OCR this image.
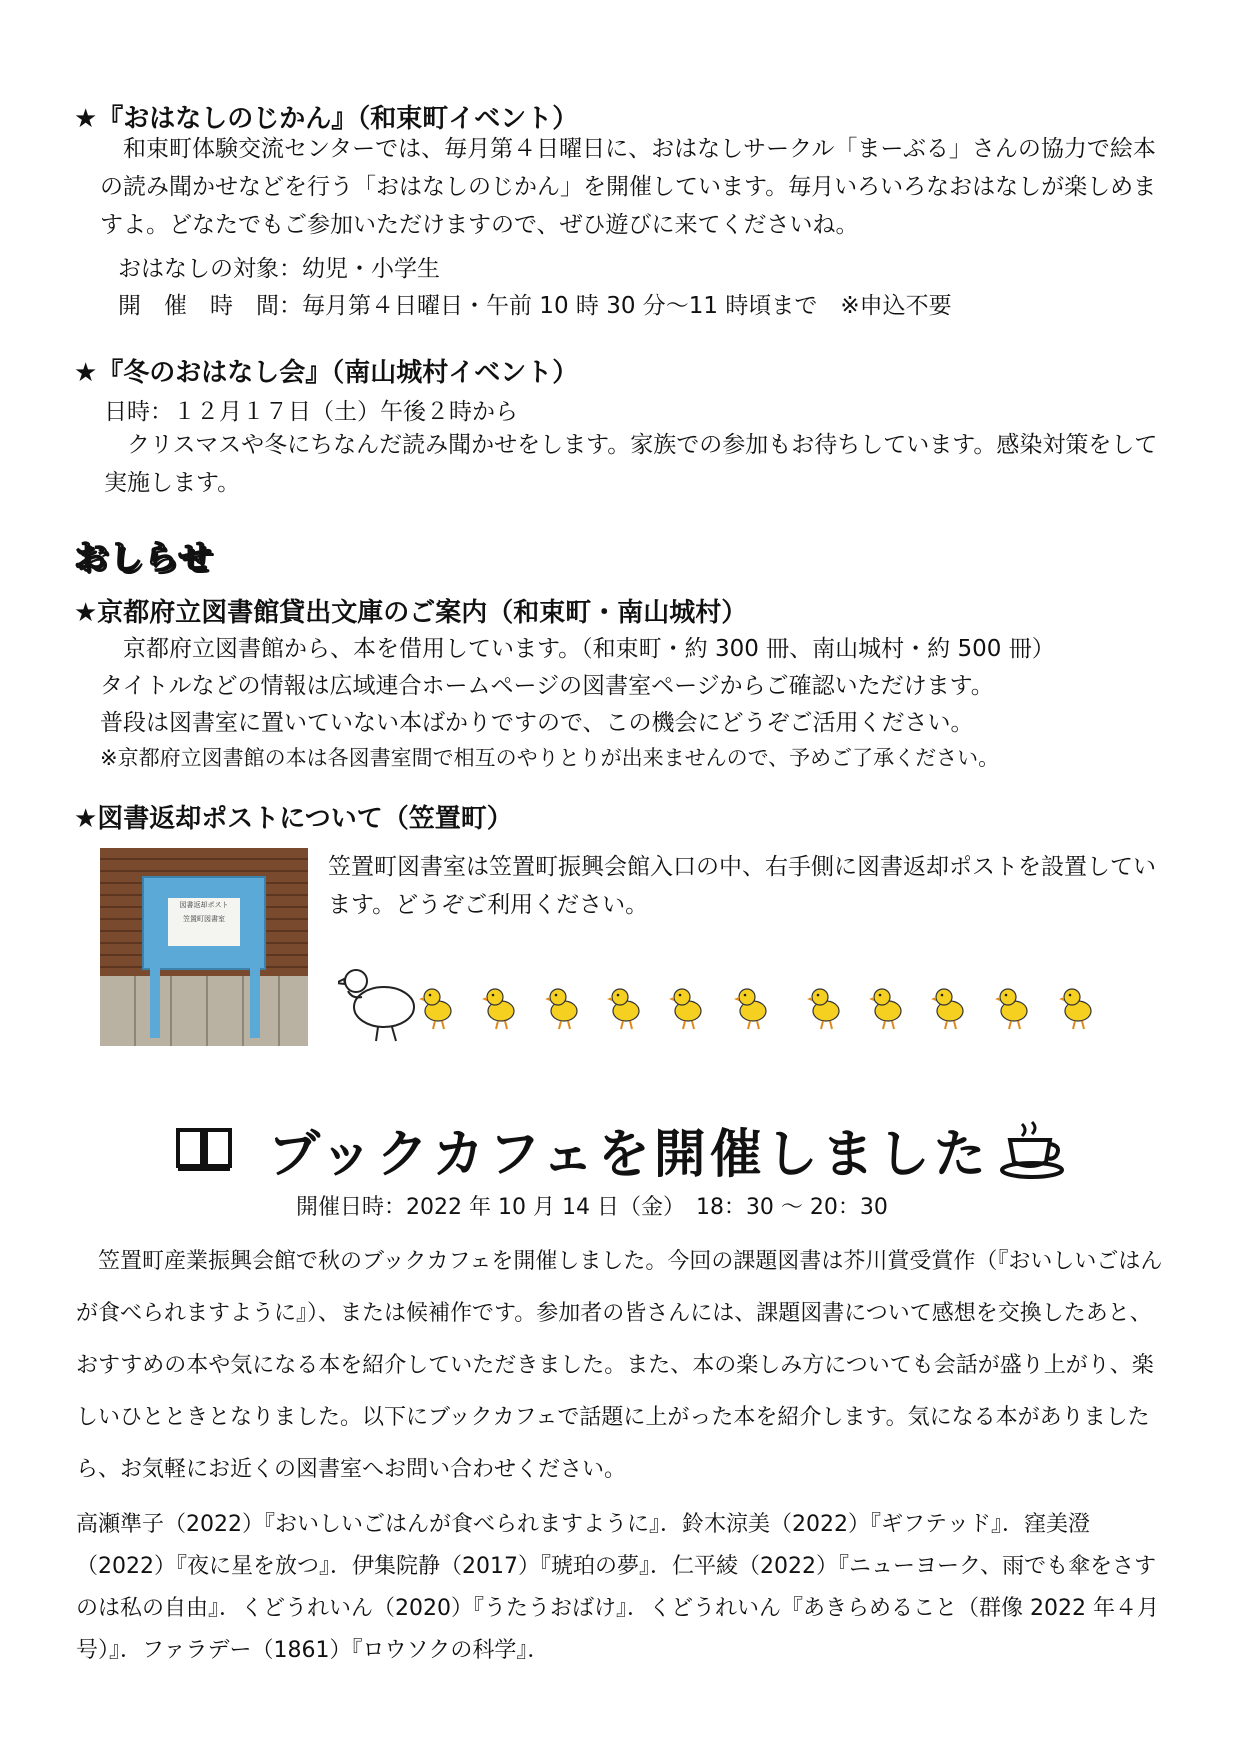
★『おはなしのじかん』（和束町イベント）
　和束町体験交流センターでは、毎月第４日曜日に、おはなしサークル「まーぶる」さんの協力で絵本の読み聞かせなどを行う「おはなしのじかん」を開催しています。毎月いろいろなおはなしが楽しめますよ。どなたでもご参加いただけますので、ぜひ遊びに来てくださいね。
おはなしの対象：幼児・小学生
開　催　時　間：毎月第４日曜日・午前 10 時 30 分～11 時頃まで　※申込不要
★『冬のおはなし会』（南山城村イベント）
日時：１２月１７日（土）午後２時から
　クリスマスや冬にちなんだ読み聞かせをします。家族での参加もお待ちしています。感染対策をして実施します。
おしらせ
★京都府立図書館貸出文庫のご案内（和束町・南山城村）
　京都府立図書館から、本を借用しています。（和束町・約 300 冊、南山城村・約 500 冊）
タイトルなどの情報は広域連合ホームページの図書室ページからご確認いただけます。
普段は図書室に置いていない本ばかりですので、この機会にどうぞご活用ください。
※京都府立図書館の本は各図書室間で相互のやりとりが出来ませんので、予めご了承ください。
★図書返却ポストについて（笠置町）
図書返却ポスト
笠置町図書室
笠置町図書室は笠置町振興会館入口の中、右手側に図書返却ポストを設置しています。どうぞご利用ください。
ブックカフェを開催しました
開催日時：2022 年 10 月 14 日（金）　18：30 ～ 20：30
　笠置町産業振興会館で秋のブックカフェを開催しました。今回の課題図書は芥川賞受賞作（『おいしいごはんが食べられますように』）、または候補作です。参加者の皆さんには、課題図書について感想を交換したあと、おすすめの本や気になる本を紹介していただきました。また、本の楽しみ方についても会話が盛り上がり、楽しいひとときとなりました。以下にブックカフェで話題に上がった本を紹介します。気になる本がありましたら、お気軽にお近くの図書室へお問い合わせください。
高瀬準子（2022）『おいしいごはんが食べられますように』．鈴木涼美（2022）『ギフテッド』．窪美澄（2022）『夜に星を放つ』．伊集院静（2017）『琥珀の夢』．仁平綾（2022）『ニューヨーク、雨でも傘をさすのは私の自由』．くどうれいん（2020）『うたうおばけ』．くどうれいん『あきらめること（群像 2022 年４月号）』．ファラデー（1861）『ロウソクの科学』．
